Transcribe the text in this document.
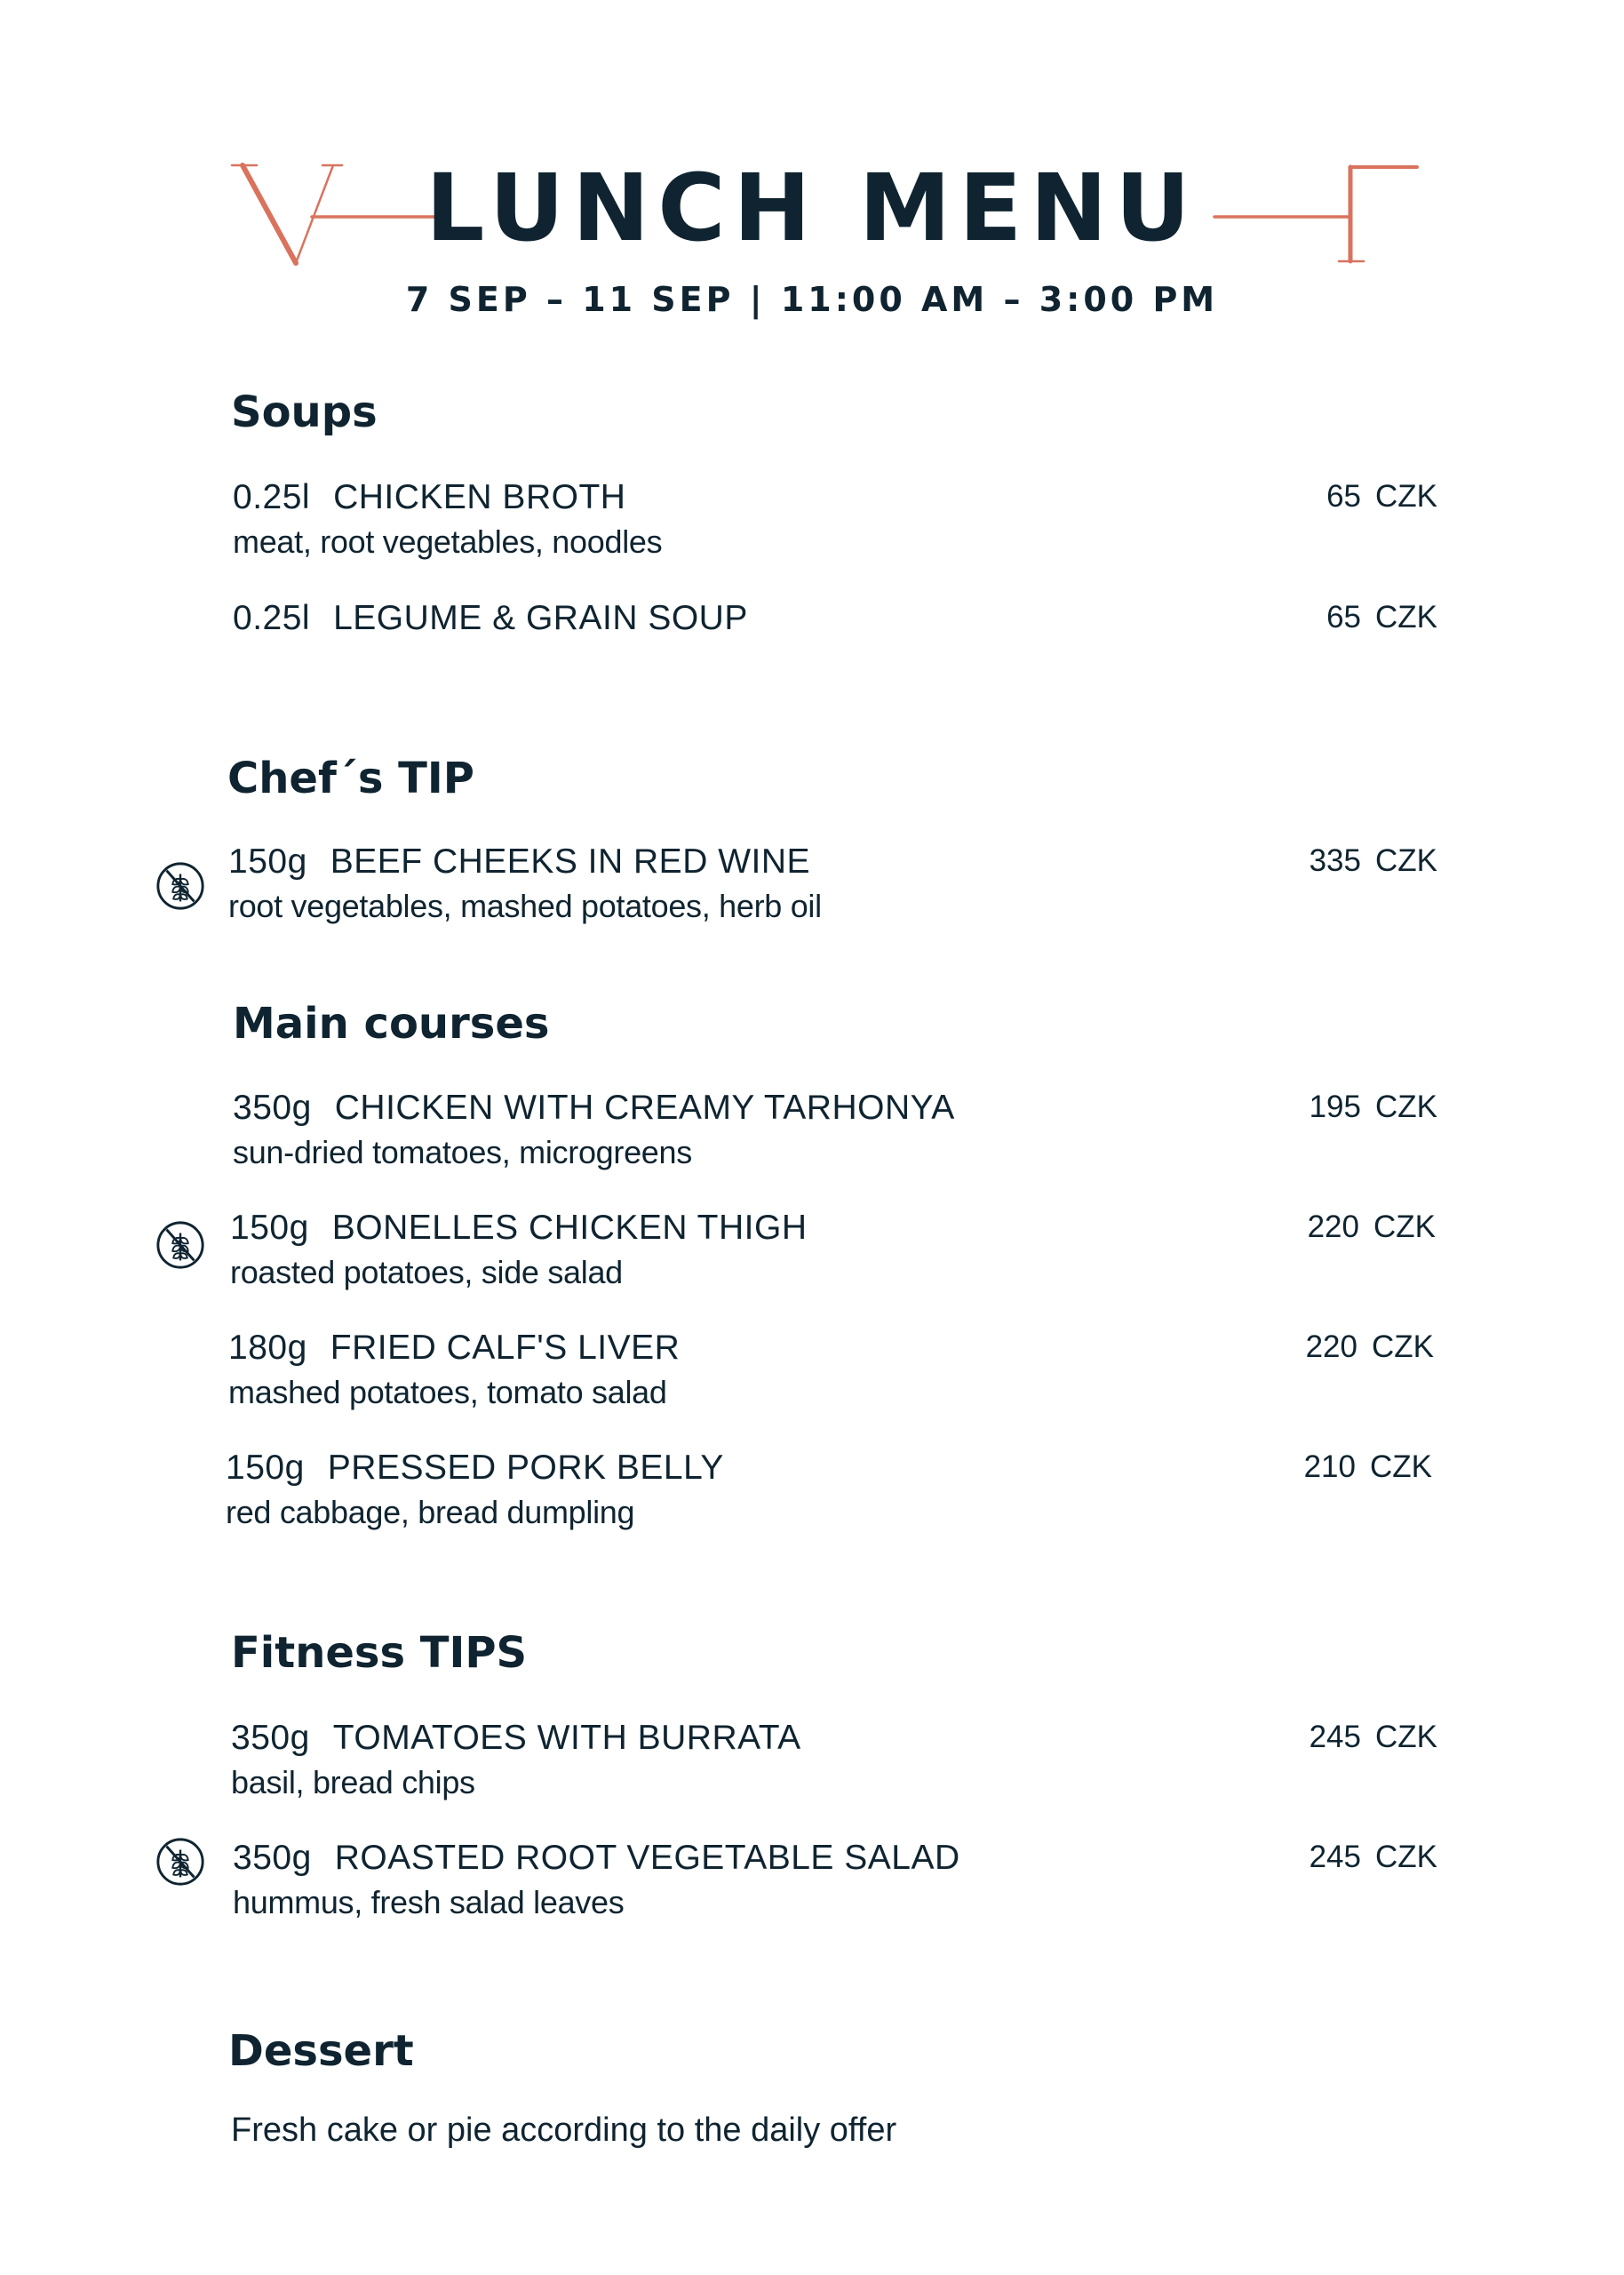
LUNCH MENU
7 SEP – 11 SEP | 11:00 AM – 3:00 PM
Soups
0.25l CHICKEN BROTH
meat, root vegetables, noodles
65 CZK
0.25l LEGUME & GRAIN SOUP	65 CZK
Chef´s TIP
150g BEEF CHEEKS IN RED WINE
root vegetables, mashed potatoes, herb oil
335 CZK
Main courses
350g CHICKEN WITH CREAMY TARHONYA
sun-dried tomatoes, microgreens
195 CZK
150g BONELLES CHICKEN THIGH
roasted potatoes, side salad
220 CZK
180g FRIED CALF'S LIVER
mashed potatoes, tomato salad
220 CZK
150g PRESSED PORK BELLY
red cabbage, bread dumpling
210 CZK
Fitness TIPS
350g TOMATOES WITH BURRATA
basil, bread chips
245 CZK
350g ROASTED ROOT VEGETABLE SALAD
hummus, fresh salad leaves
245 CZK
Dessert
Fresh cake or pie according to the daily offer
